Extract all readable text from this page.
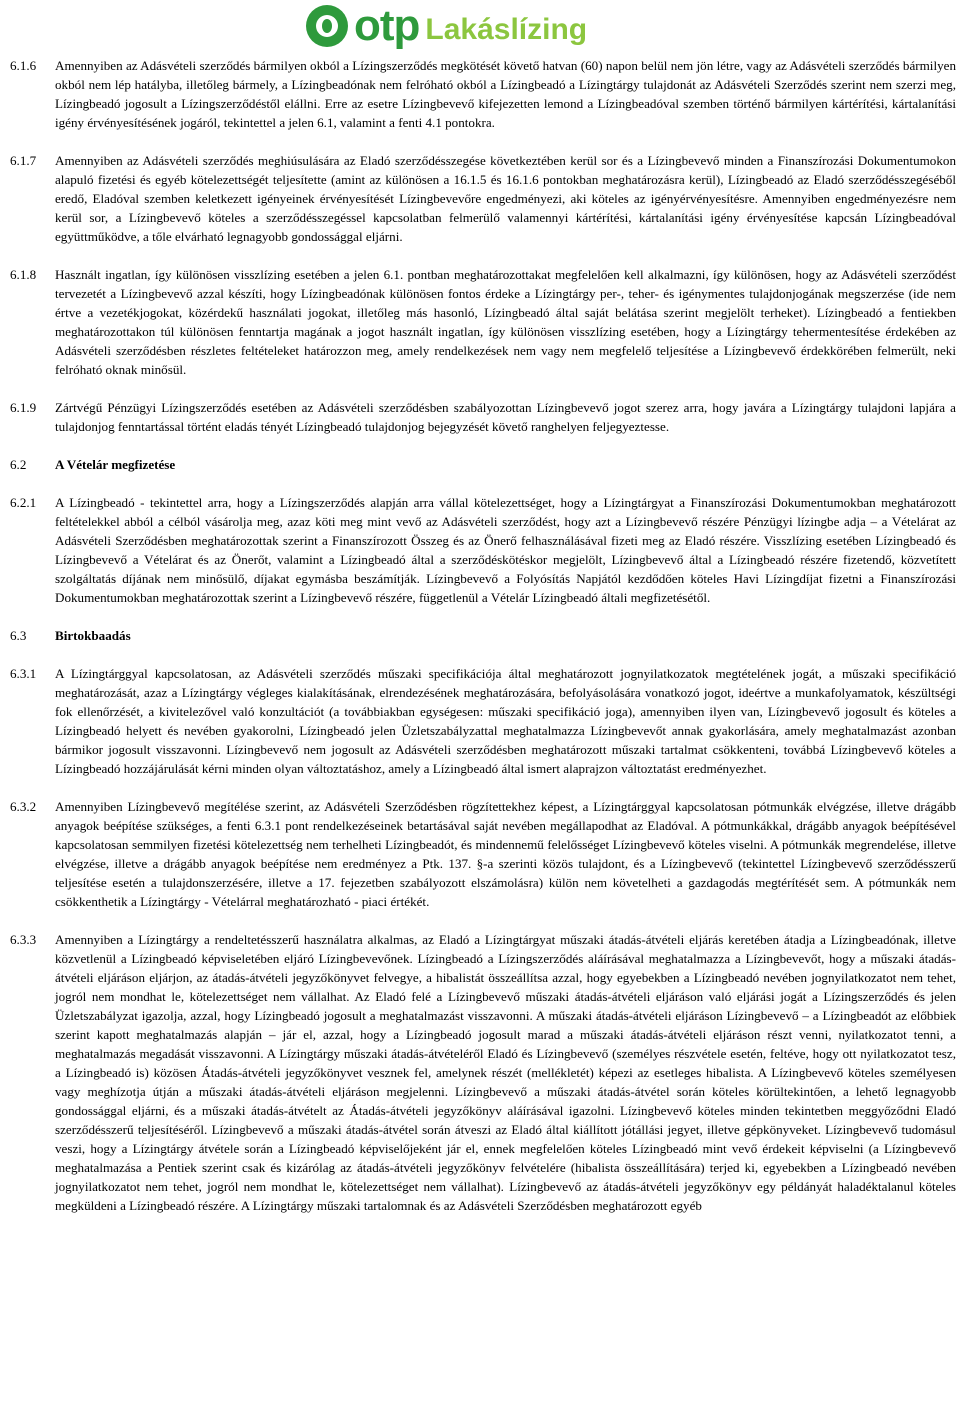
otp Lakáslízing
6.1.6	Amennyiben az Adásvételi szerződés bármilyen okból a Lízingszerződés megkötését követő hatvan (60) napon belül nem jön létre, vagy az Adásvételi szerződés bármilyen okból nem lép hatályba, illetőleg bármely, a Lízingbeadónak nem felróható okból a Lízingbeadó a Lízingtárgy tulajdonát az Adásvételi Szerződés szerint nem szerzi meg, Lízingbeadó jogosult a Lízingszerződéstől elállni. Erre az esetre Lízingbevevő kifejezetten lemond a Lízingbeadóval szemben történő bármilyen kártérítési, kártalanítási igény érvényesítésének jogáról, tekintettel a jelen 6.1, valamint a fenti 4.1 pontokra.
6.1.7	Amennyiben az Adásvételi szerződés meghiúsulására az Eladó szerződésszegése következtében kerül sor és a Lízingbevevő minden a Finanszírozási Dokumentumokon alapuló fizetési és egyéb kötelezettségét teljesítette (amint az különösen a 16.1.5 és 16.1.6 pontokban meghatározásra kerül), Lízingbeadó az Eladó szerződésszegéséből eredő, Eladóval szemben keletkezett igényeinek érvényesítését Lízingbevevőre engedményezi, aki köteles az igényérvényesítésre. Amennyiben engedményezésre nem kerül sor, a Lízingbevevő köteles a szerződésszegéssel kapcsolatban felmerülő valamennyi kártérítési, kártalanítási igény érvényesítése kapcsán Lízingbeadóval együttműködve, a tőle elvárható legnagyobb gondossággal eljárni.
6.1.8	Használt ingatlan, így különösen visszlízing esetében a jelen 6.1. pontban meghatározottakat megfelelően kell alkalmazni, így különösen, hogy az Adásvételi szerződést tervezetét a Lízingbevevő azzal készíti, hogy Lízingbeadónak különösen fontos érdeke a Lízingtárgy per-, teher- és igénymentes tulajdonjogának megszerzése (ide nem értve a vezetékjogokat, közérdekű használati jogokat, illetőleg más hasonló, Lízingbeadó által saját belátása szerint megjelölt terheket). Lízingbeadó a fentiekben meghatározottakon túl különösen fenntartja magának a jogot használt ingatlan, így különösen visszlízing esetében, hogy a Lízingtárgy tehermentesítése érdekében az Adásvételi szerződésben részletes feltételeket határozzon meg, amely rendelkezések nem vagy nem megfelelő teljesítése a Lízingbevevő érdekkörében felmerült, neki felróható oknak minősül.
6.1.9	Zártvégű Pénzügyi Lízingszerződés esetében az Adásvételi szerződésben szabályozottan Lízingbevevő jogot szerez arra, hogy javára a Lízingtárgy tulajdoni lapjára a tulajdonjog fenntartással történt eladás tényét Lízingbeadó tulajdonjog bejegyzését követő ranghelyen feljegyeztesse.
6.2	A Vételár megfizetése
6.2.1	A Lízingbeadó - tekintettel arra, hogy a Lízingszerződés alapján arra vállal kötelezettséget, hogy a Lízingtárgyat a Finanszírozási Dokumentumokban meghatározott feltételekkel abból a célból vásárolja meg, azaz köti meg mint vevő az Adásvételi szerződést, hogy azt a Lízingbevevő részére Pénzügyi lízingbe adja – a Vételárat az Adásvételi Szerződésben meghatározottak szerint a Finanszírozott Összeg és az Önerő felhasználásával fizeti meg az Eladó részére. Visszlízing esetében Lízingbeadó és Lízingbevevő a Vételárat és az Önerőt, valamint a Lízingbeadó által a szerződéskötéskor megjelölt, Lízingbevevő által a Lízingbeadó részére fizetendő, közvetített szolgáltatás díjának nem minősülő, díjakat egymásba beszámítják. Lízingbevevő a Folyósítás Napjától kezdődően köteles Havi Lízingdíjat fizetni a Finanszírozási Dokumentumokban meghatározottak szerint a Lízingbevevő részére, függetlenül a Vételár Lízingbeadó általi megfizetésétől.
6.3	Birtokbaadás
6.3.1	A Lízingtárggyal kapcsolatosan, az Adásvételi szerződés műszaki specifikációja által meghatározott jognyilatkozatok megtételének jogát, a műszaki specifikáció meghatározását, azaz a Lízingtárgy végleges kialakításának, elrendezésének meghatározására, befolyásolására vonatkozó jogot, ideértve a munkafolyamatok, készültségi fok ellenőrzését, a kivitelezővel való konzultációt (a továbbiakban egységesen: műszaki specifikáció joga), amennyiben ilyen van, Lízingbevevő jogosult és köteles a Lízingbeadó helyett és nevében gyakorolni, Lízingbeadó jelen Üzletszabályzattal meghatalmazza Lízingbevevőt annak gyakorlására, amely meghatalmazást azonban bármikor jogosult visszavonni. Lízingbevevő nem jogosult az Adásvételi szerződésben meghatározott műszaki tartalmat csökkenteni, továbbá Lízingbevevő köteles a Lízingbeadó hozzájárulását kérni minden olyan változtatáshoz, amely a Lízingbeadó által ismert alaprajzon változtatást eredményezhet.
6.3.2	Amennyiben Lízingbevevő megítélése szerint, az Adásvételi Szerződésben rögzítettekhez képest, a Lízingtárggyal kapcsolatosan pótmunkák elvégzése, illetve drágább anyagok beépítése szükséges, a fenti 6.3.1 pont rendelkezéseinek betartásával saját nevében megállapodhat az Eladóval. A pótmunkákkal, drágább anyagok beépítésével kapcsolatosan semmilyen fizetési kötelezettség nem terhelheti Lízingbeadót, és mindennemű felelősséget Lízingbevevő köteles viselni. A pótmunkák megrendelése, illetve elvégzése, illetve a drágább anyagok beépítése nem eredményez a Ptk. 137. §-a szerinti közös tulajdont, és a Lízingbevevő (tekintettel Lízingbevevő szerződésszerű teljesítése esetén a tulajdonszerzésére, illetve a 17. fejezetben szabályozott elszámolásra) külön nem követelheti a gazdagodás megtérítését sem. A pótmunkák nem csökkenthetik a Lízingtárgy - Vételárral meghatározható - piaci értékét.
6.3.3	Amennyiben a Lízingtárgy a rendeltetésszerű használatra alkalmas, az Eladó a Lízingtárgyat műszaki átadás-átvételi eljárás keretében átadja a Lízingbeadónak, illetve közvetlenül a Lízingbeadó képviseletében eljáró Lízingbevevőnek. Lízingbeadó a Lízingszerződés aláírásával meghatalmazza a Lízingbevevőt, hogy a műszaki átadás-átvételi eljáráson eljárjon, az átadás-átvételi jegyzőkönyvet felvegye, a hibalistát összeállítsa azzal, hogy egyebekben a Lízingbeadó nevében jognyilatkozatot nem tehet, jogról nem mondhat le, kötelezettséget nem vállalhat. Az Eladó felé a Lízingbevevő műszaki átadás-átvételi eljáráson való eljárási jogát a Lízingszerződés és jelen Üzletszabályzat igazolja, azzal, hogy Lízingbeadó jogosult a meghatalmazást visszavonni. A műszaki átadás-átvételi eljáráson Lízingbevevő – a Lízingbeadót az előbbiek szerint kapott meghatalmazás alapján – jár el, azzal, hogy a Lízingbeadó jogosult marad a műszaki átadás-átvételi eljáráson részt venni, nyilatkozatot tenni, a meghatalmazás megadását visszavonni. A Lízingtárgy műszaki átadás-átvételéről Eladó és Lízingbevevő (személyes részvétele esetén, feltéve, hogy ott nyilatkozatot tesz, a Lízingbeadó is) közösen Átadás-átvételi jegyzőkönyvet vesznek fel, amelynek részét (mellékletét) képezi az esetleges hibalista. A Lízingbevevő köteles személyesen vagy meghízotja útján a műszaki átadás-átvételi eljáráson megjelenni. Lízingbevevő a műszaki átadás-átvétel során köteles körültekintően, a lehető legnagyobb gondossággal eljárni, és a műszaki átadás-átvételt az Átadás-átvételi jegyzőkönyv aláírásával igazolni. Lízingbevevő köteles minden tekintetben meggyőződni Eladó szerződésszerű teljesítéséről. Lízingbevevő a műszaki átadás-átvétel során átveszi az Eladó által kiállított jótállási jegyet, illetve gépkönyveket. Lízingbevevő tudomásul veszi, hogy a Lízingtárgy átvétele során a Lízingbeadó képviselőjeként jár el, ennek megfelelően köteles Lízingbeadó mint vevő érdekeit képviselni (a Lízingbevevő meghatalmazása a Pentiek szerint csak és kizárólag az átadás-átvételi jegyzőkönyv felvételére (hibalista összeállítására) terjed ki, egyebekben a Lízingbeadó nevében jognyilatkozatot nem tehet, jogról nem mondhat le, kötelezettséget nem vállalhat). Lízingbevevő az átadás-átvételi jegyzőkönyv egy példányát haladéktalanul köteles megküldeni a Lízingbeadó részére. A Lízingtárgy műszaki tartalomnak és az Adásvételi Szerződésben meghatározott egyéb
